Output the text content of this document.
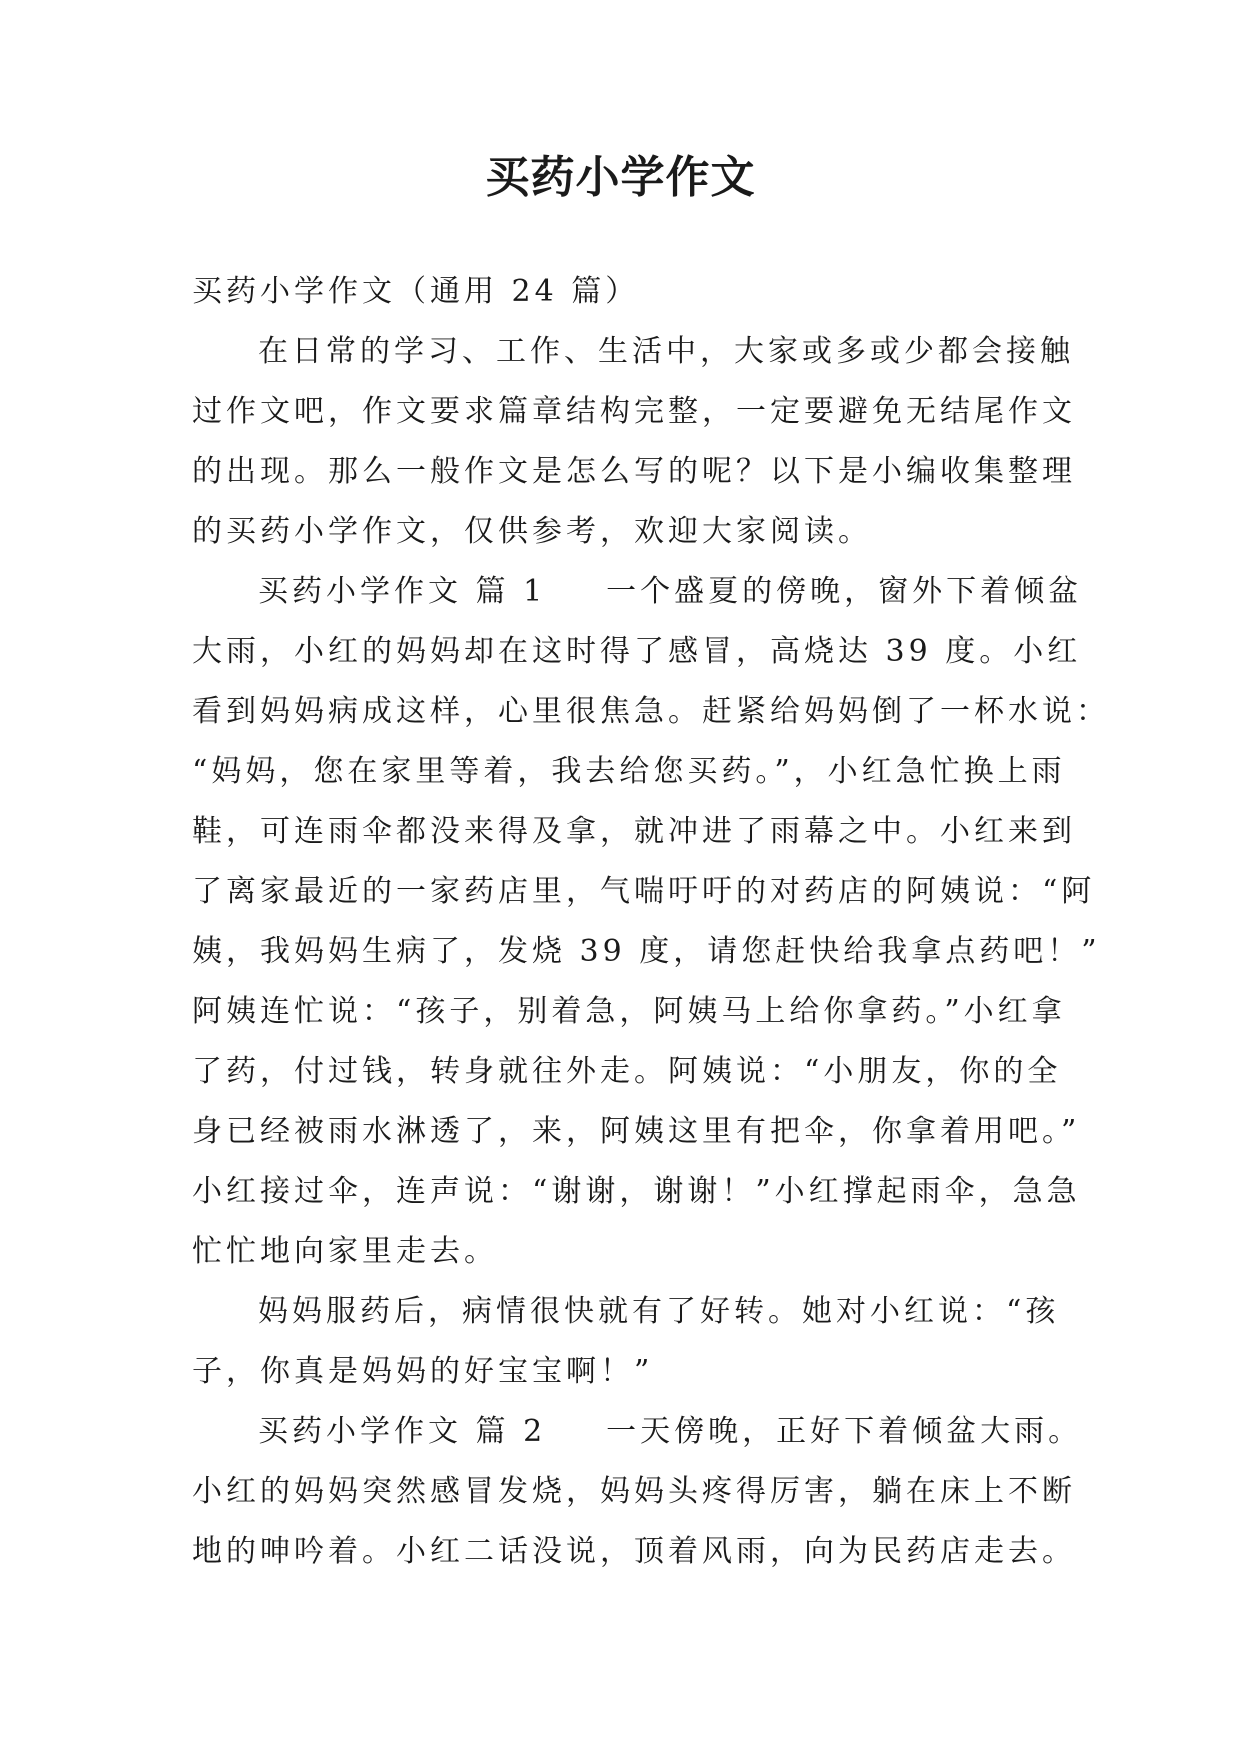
买药小学作文
买药小学作文（通用 24 篇）
在日常的学习、工作、生活中，大家或多或少都会接触
过作文吧，作文要求篇章结构完整，一定要避免无结尾作文
的出现。那么一般作文是怎么写的呢？以下是小编收集整理
的买药小学作文，仅供参考，欢迎大家阅读。
买药小学作文 篇 1 一个盛夏的傍晚，窗外下着倾盆
大雨，小红的妈妈却在这时得了感冒，高烧达 39 度。小红
看到妈妈病成这样，心里很焦急。赶紧给妈妈倒了一杯水说：
“妈妈，您在家里等着，我去给您买药。”，小红急忙换上雨
鞋，可连雨伞都没来得及拿，就冲进了雨幕之中。小红来到
了离家最近的一家药店里，气喘吁吁的对药店的阿姨说：“阿
姨，我妈妈生病了，发烧 39 度，请您赶快给我拿点药吧！”
阿姨连忙说：“孩子，别着急，阿姨马上给你拿药。”小红拿
了药，付过钱，转身就往外走。阿姨说：“小朋友，你的全
身已经被雨水淋透了，来，阿姨这里有把伞，你拿着用吧。”
小红接过伞，连声说：“谢谢，谢谢！”小红撑起雨伞，急急
忙忙地向家里走去。
妈妈服药后，病情很快就有了好转。她对小红说：“孩
子，你真是妈妈的好宝宝啊！”
买药小学作文 篇 2 一天傍晚，正好下着倾盆大雨。
小红的妈妈突然感冒发烧，妈妈头疼得厉害，躺在床上不断
地的呻吟着。小红二话没说，顶着风雨，向为民药店走去。
